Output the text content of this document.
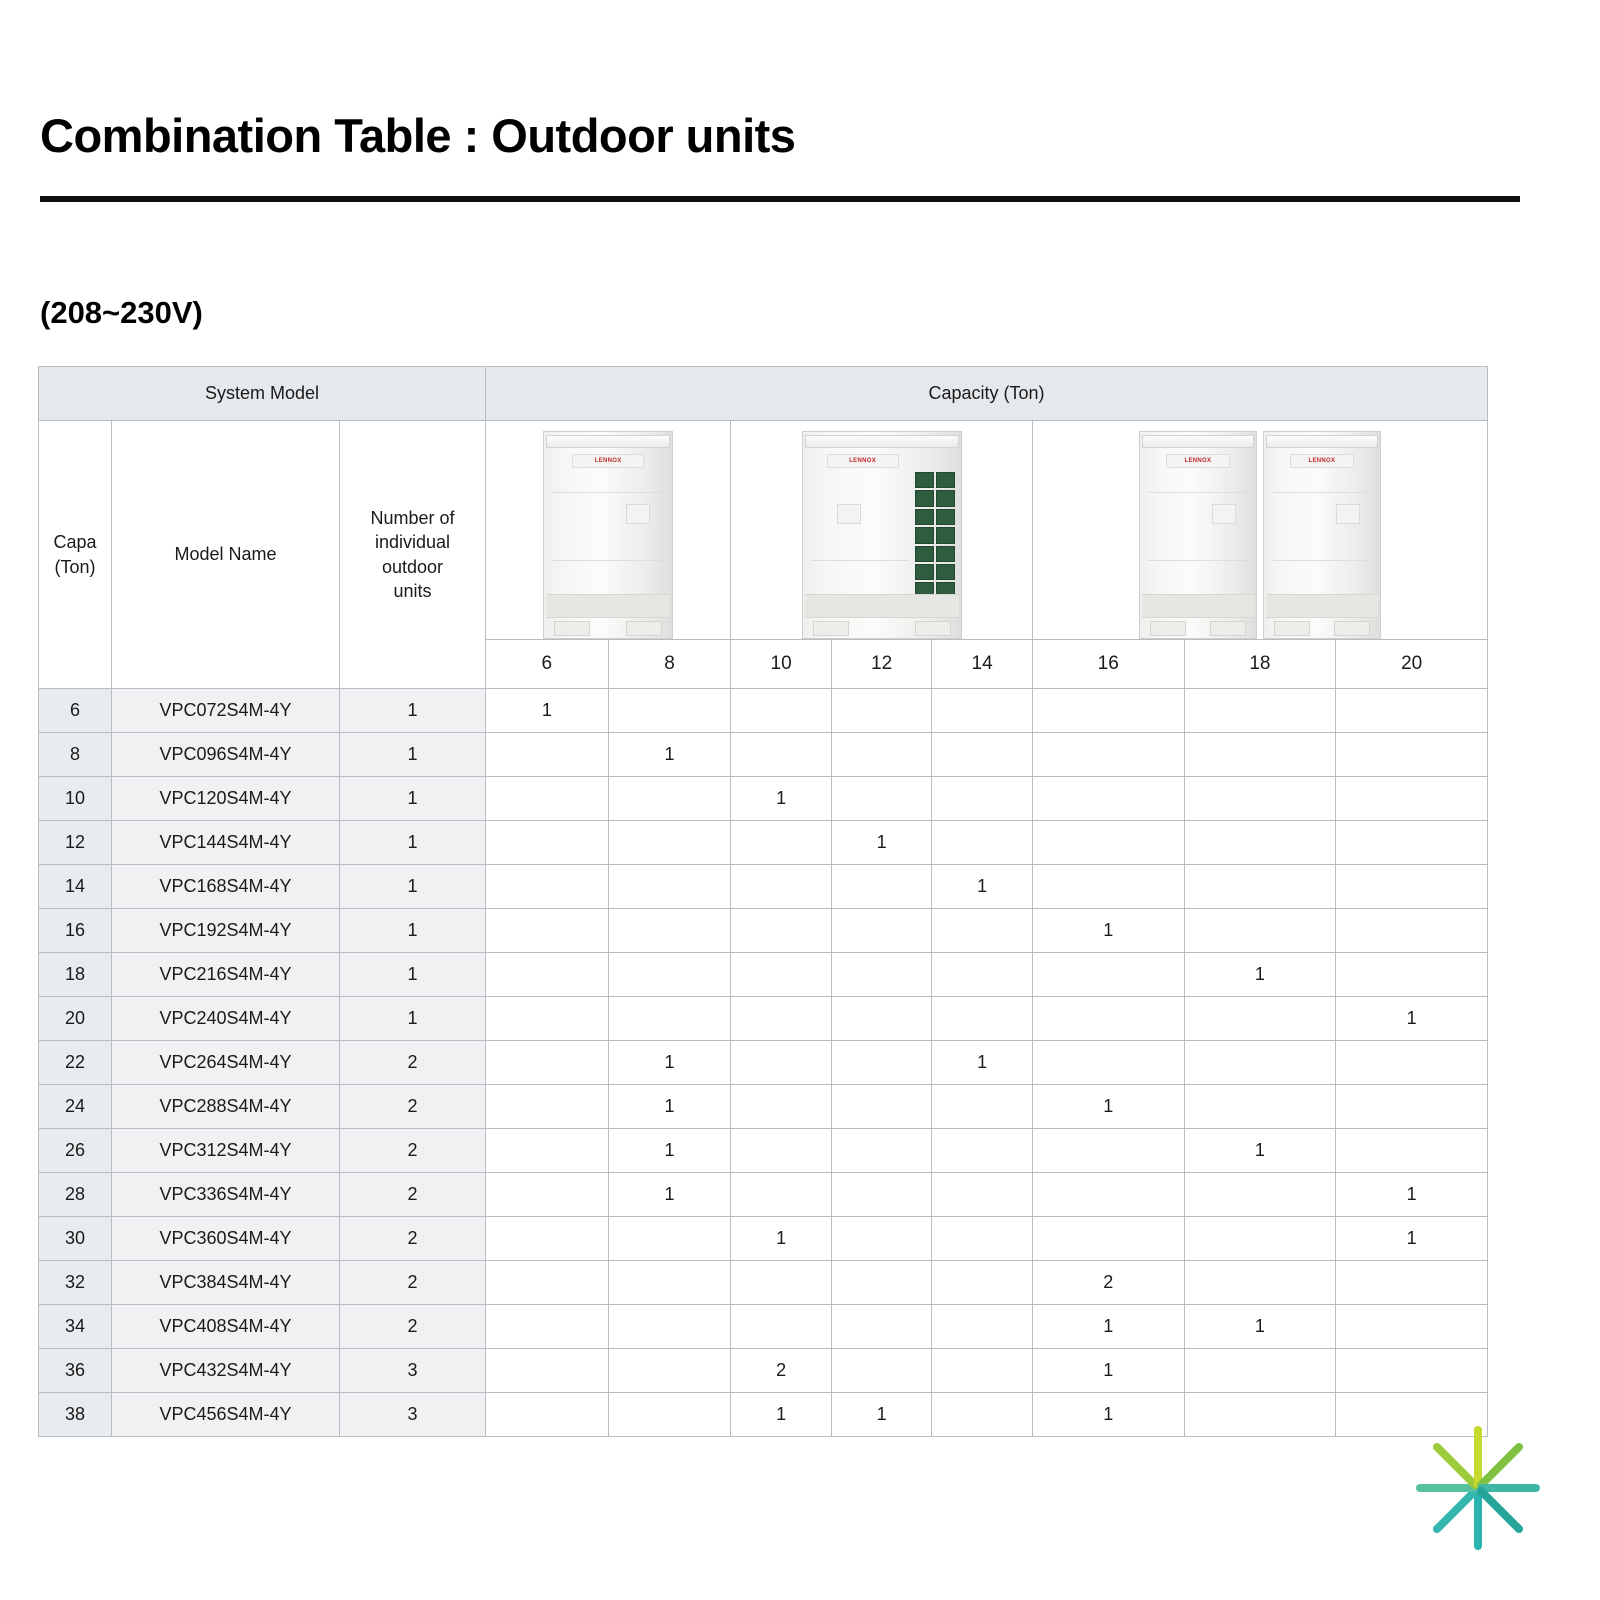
Combination Table : Outdoor units
(208~230V)
System Model			Capacity (Ton)							

Capa
(Ton)
	Model Name	
Number of
individual
outdoor
units

LENNOX	LENNOX	LENNOX	LENNOX

			6	8	10	12	14	16	18	20
6	VPC072S4M-4Y	1	1							
8	VPC096S4M-4Y	1		1						
10	VPC120S4M-4Y	1			1					
12	VPC144S4M-4Y	1				1				
14	VPC168S4M-4Y	1					1			
16	VPC192S4M-4Y	1						1		
18	VPC216S4M-4Y	1							1	
20	VPC240S4M-4Y	1								1
22	VPC264S4M-4Y	2		1			1			
24	VPC288S4M-4Y	2		1				1		
26	VPC312S4M-4Y	2		1					1	
28	VPC336S4M-4Y	2		1						1
30	VPC360S4M-4Y	2			1					1
32	VPC384S4M-4Y	2						2		
34	VPC408S4M-4Y	2						1	1	
36	VPC432S4M-4Y	3			2			1		
38	VPC456S4M-4Y	3			1	1		1		
